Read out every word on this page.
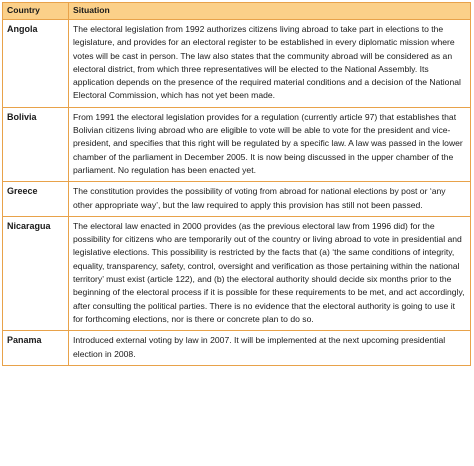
Country	Situation
Angola	The electoral legislation from 1992 authorizes citizens living abroad to take part in elections to the legislature, and provides for an electoral register to be established in every diplomatic mission where votes will be cast in person. The law also states that the community abroad will be considered as an electoral district, from which three representatives will be elected to the National Assembly. Its application depends on the presence of the required material conditions and a decision of the National Electoral Commission, which has not yet been made.
Bolivia	From 1991 the electoral legislation provides for a regulation (currently article 97) that establishes that Bolivian citizens living abroad who are eligible to vote will be able to vote for the president and vice-president, and specifies that this right will be regulated by a specific law. A law was passed in the lower chamber of the parliament in December 2005. It is now being discussed in the upper chamber of the parliament. No regulation has been enacted yet.
Greece	The constitution provides the possibility of voting from abroad for national elections by post or ‘any other appropriate way’, but the law required to apply this provision has still not been passed.
Nicaragua	The electoral law enacted in 2000 provides (as the previous electoral law from 1996 did) for the possibility for citizens who are temporarily out of the country or living abroad to vote in presidential and legislative elections. This possibility is restricted by the facts that (a) ‘the same conditions of integrity, equality, transparency, safety, control, oversight and verification as those pertaining within the national territory’ must exist (article 122), and (b) the electoral authority should decide six months prior to the beginning of the electoral process if it is possible for these requirements to be met, and act accordingly, after consulting the political parties. There is no evidence that the electoral authority is going to use it for forthcoming elections, nor is there or concrete plan to do so.
Panama	Introduced external voting by law in 2007. It will be implemented at the next upcoming presidential election in 2008.
